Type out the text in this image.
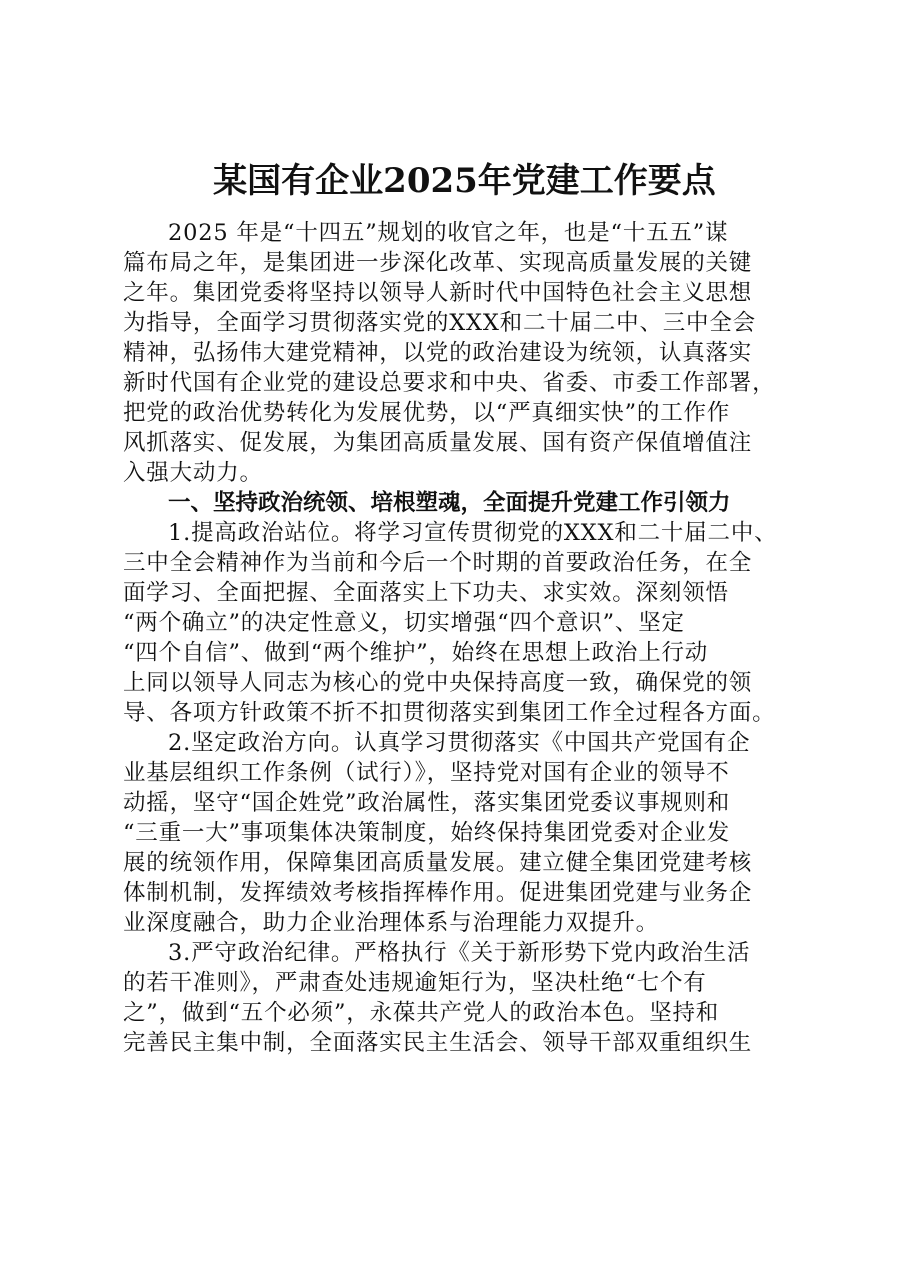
某国有企业2025年党建工作要点
2025 年是“十四五”规划的收官之年，也是“十五五”谋
篇布局之年，是集团进一步深化改革、实现高质量发展的关键
之年。集团党委将坚持以领导人新时代中国特色社会主义思想
为指导，全面学习贯彻落实党的XXX和二十届二中、三中全会
精神，弘扬伟大建党精神，以党的政治建设为统领，认真落实
新时代国有企业党的建设总要求和中央、省委、市委工作部署，
把党的政治优势转化为发展优势，以“严真细实快”的工作作
风抓落实、促发展，为集团高质量发展、国有资产保值增值注
入强大动力。
一、坚持政治统领、培根塑魂，全面提升党建工作引领力
1.提高政治站位。将学习宣传贯彻党的XXX和二十届二中、
三中全会精神作为当前和今后一个时期的首要政治任务，在全
面学习、全面把握、全面落实上下功夫、求实效。深刻领悟
“两个确立”的决定性意义，切实增强“四个意识”、坚定
“四个自信”、做到“两个维护”，始终在思想上政治上行动
上同以领导人同志为核心的党中央保持高度一致，确保党的领
导、各项方针政策不折不扣贯彻落实到集团工作全过程各方面。
2.坚定政治方向。认真学习贯彻落实《中国共产党国有企
业基层组织工作条例（试行）》，坚持党对国有企业的领导不
动摇，坚守“国企姓党”政治属性，落实集团党委议事规则和
“三重一大”事项集体决策制度，始终保持集团党委对企业发
展的统领作用，保障集团高质量发展。建立健全集团党建考核
体制机制，发挥绩效考核指挥棒作用。促进集团党建与业务企
业深度融合，助力企业治理体系与治理能力双提升。
3.严守政治纪律。严格执行《关于新形势下党内政治生活
的若干准则》，严肃查处违规逾矩行为，坚决杜绝“七个有
之”，做到“五个必须”，永葆共产党人的政治本色。坚持和
完善民主集中制，全面落实民主生活会、领导干部双重组织生
